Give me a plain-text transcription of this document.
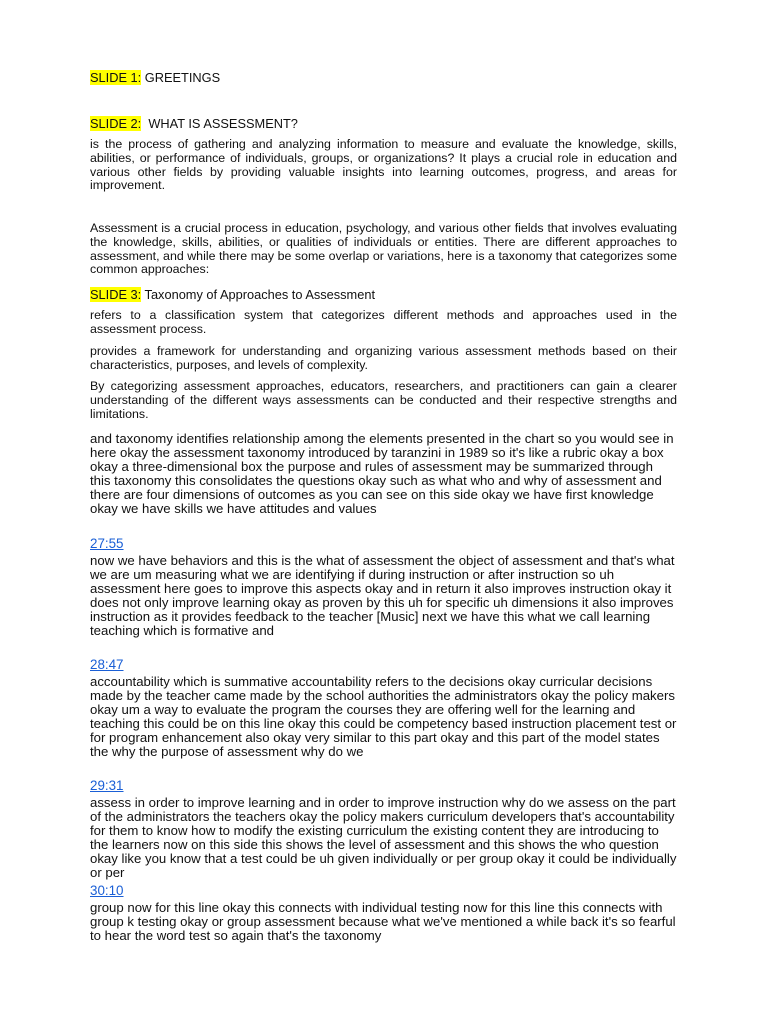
SLIDE 1: GREETINGS

SLIDE 2:  WHAT IS ASSESSMENT?

is the process of gathering and analyzing information to measure and evaluate the knowledge, skills, abilities, or performance of individuals, groups, or organizations? It plays a crucial role in education and various other fields by providing valuable insights into learning outcomes, progress, and areas for improvement.

Assessment is a crucial process in education, psychology, and various other fields that involves evaluating the knowledge, skills, abilities, or qualities of individuals or entities. There are different approaches to assessment, and while there may be some overlap or variations, here is a taxonomy that categorizes some common approaches:

SLIDE 3: Taxonomy of Approaches to Assessment

refers to a classification system that categorizes different methods and approaches used in the assessment process.

provides a framework for understanding and organizing various assessment methods based on their characteristics, purposes, and levels of complexity.

By categorizing assessment approaches, educators, researchers, and practitioners can gain a clearer understanding of the different ways assessments can be conducted and their respective strengths and limitations.

and taxonomy identifies relationship among the elements presented in the chart so you would see in here okay the assessment taxonomy introduced by taranzini in 1989 so it's like a rubric okay a box okay a three-dimensional box the purpose and rules of assessment may be summarized through this taxonomy this consolidates the questions okay such as what who and why of assessment and there are four dimensions of outcomes as you can see on this side okay we have first knowledge okay we have skills we have attitudes and values

27:55

now we have behaviors and this is the what of assessment the object of assessment and that's what we are um measuring what we are identifying if during instruction or after instruction so uh assessment here goes to improve this aspects okay and in return it also improves instruction okay it does not only improve learning okay as proven by this uh for specific uh dimensions it also improves instruction as it provides feedback to the teacher [Music] next we have this what we call learning teaching which is formative and

28:47

accountability which is summative accountability refers to the decisions okay curricular decisions made by the teacher came made by the school authorities the administrators okay the policy makers okay um a way to evaluate the program the courses they are offering well for the learning and teaching this could be on this line okay this could be competency based instruction placement test or for program enhancement also okay very similar to this part okay and this part of the model states the why the purpose of assessment why do we

29:31

assess in order to improve learning and in order to improve instruction why do we assess on the part of the administrators the teachers okay the policy makers curriculum developers that's accountability for them to know how to modify the existing curriculum the existing content they are introducing to the learners now on this side this shows the level of assessment and this shows the who question okay like you know that a test could be uh given individually or per group okay it could be individually or per

30:10

group now for this line okay this connects with individual testing now for this line this connects with group k testing okay or group assessment because what we've mentioned a while back it's so fearful to hear the word test so again that's the taxonomy
